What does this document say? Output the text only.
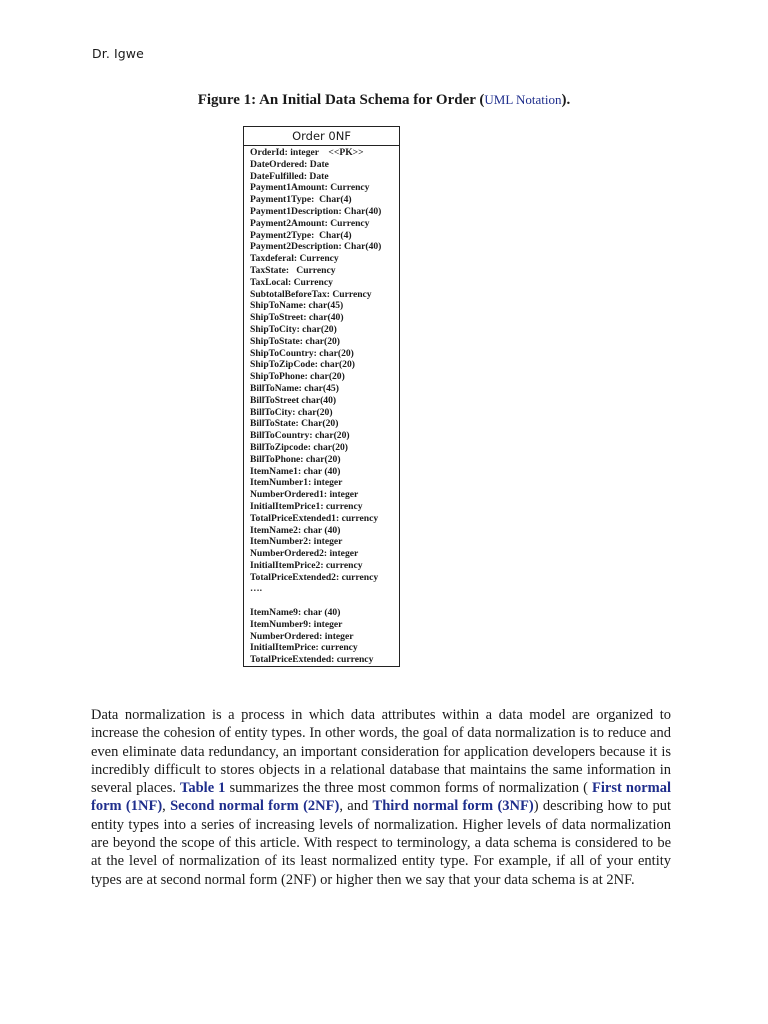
Dr. Igwe
Figure 1: An Initial Data Schema for Order (UML Notation).
Order 0NF
OrderId: integer    <<PK>>
DateOrdered: Date
DateFulfilled: Date
Payment1Amount: Currency
Payment1Type:  Char(4)
Payment1Description: Char(40)
Payment2Amount: Currency
Payment2Type:  Char(4)
Payment2Description: Char(40)
Taxdeferal: Currency
TaxState:   Currency
TaxLocal: Currency
SubtotalBeforeTax: Currency
ShipToName: char(45)
ShipToStreet: char(40)
ShipToCity: char(20)
ShipToState: char(20)
ShipToCountry: char(20)
ShipToZipCode: char(20)
ShipToPhone: char(20)
BillToName: char(45)
BillToStreet char(40)
BillToCity: char(20)
BillToState: Char(20)
BillToCountry: char(20)
BillToZipcode: char(20)
BillToPhone: char(20)
ItemName1: char (40)
ItemNumber1: integer
NumberOrdered1: integer
InitialItemPrice1: currency
TotalPriceExtended1: currency
ItemName2: char (40)
ItemNumber2: integer
NumberOrdered2: integer
InitialItemPrice2: currency
TotalPriceExtended2: currency
….
ItemName9: char (40)
ItemNumber9: integer
NumberOrdered: integer
InitialItemPrice: currency
TotalPriceExtended: currency
Data normalization is a process in which data attributes within a data model are organized to increase the cohesion of entity types. In other words, the goal of data normalization is to reduce and even eliminate data redundancy, an important consideration for application developers because it is incredibly difficult to stores objects in a relational database that maintains the same information in several places. Table 1 summarizes the three most common forms of normalization ( First normal form (1NF), Second normal form (2NF), and Third normal form (3NF)) describing how to put entity types into a series of increasing levels of normalization. Higher levels of data normalization are beyond the scope of this article. With respect to terminology, a data schema is considered to be at the level of normalization of its least normalized entity type. For example, if all of your entity types are at second normal form (2NF) or higher then we say that your data schema is at 2NF.
